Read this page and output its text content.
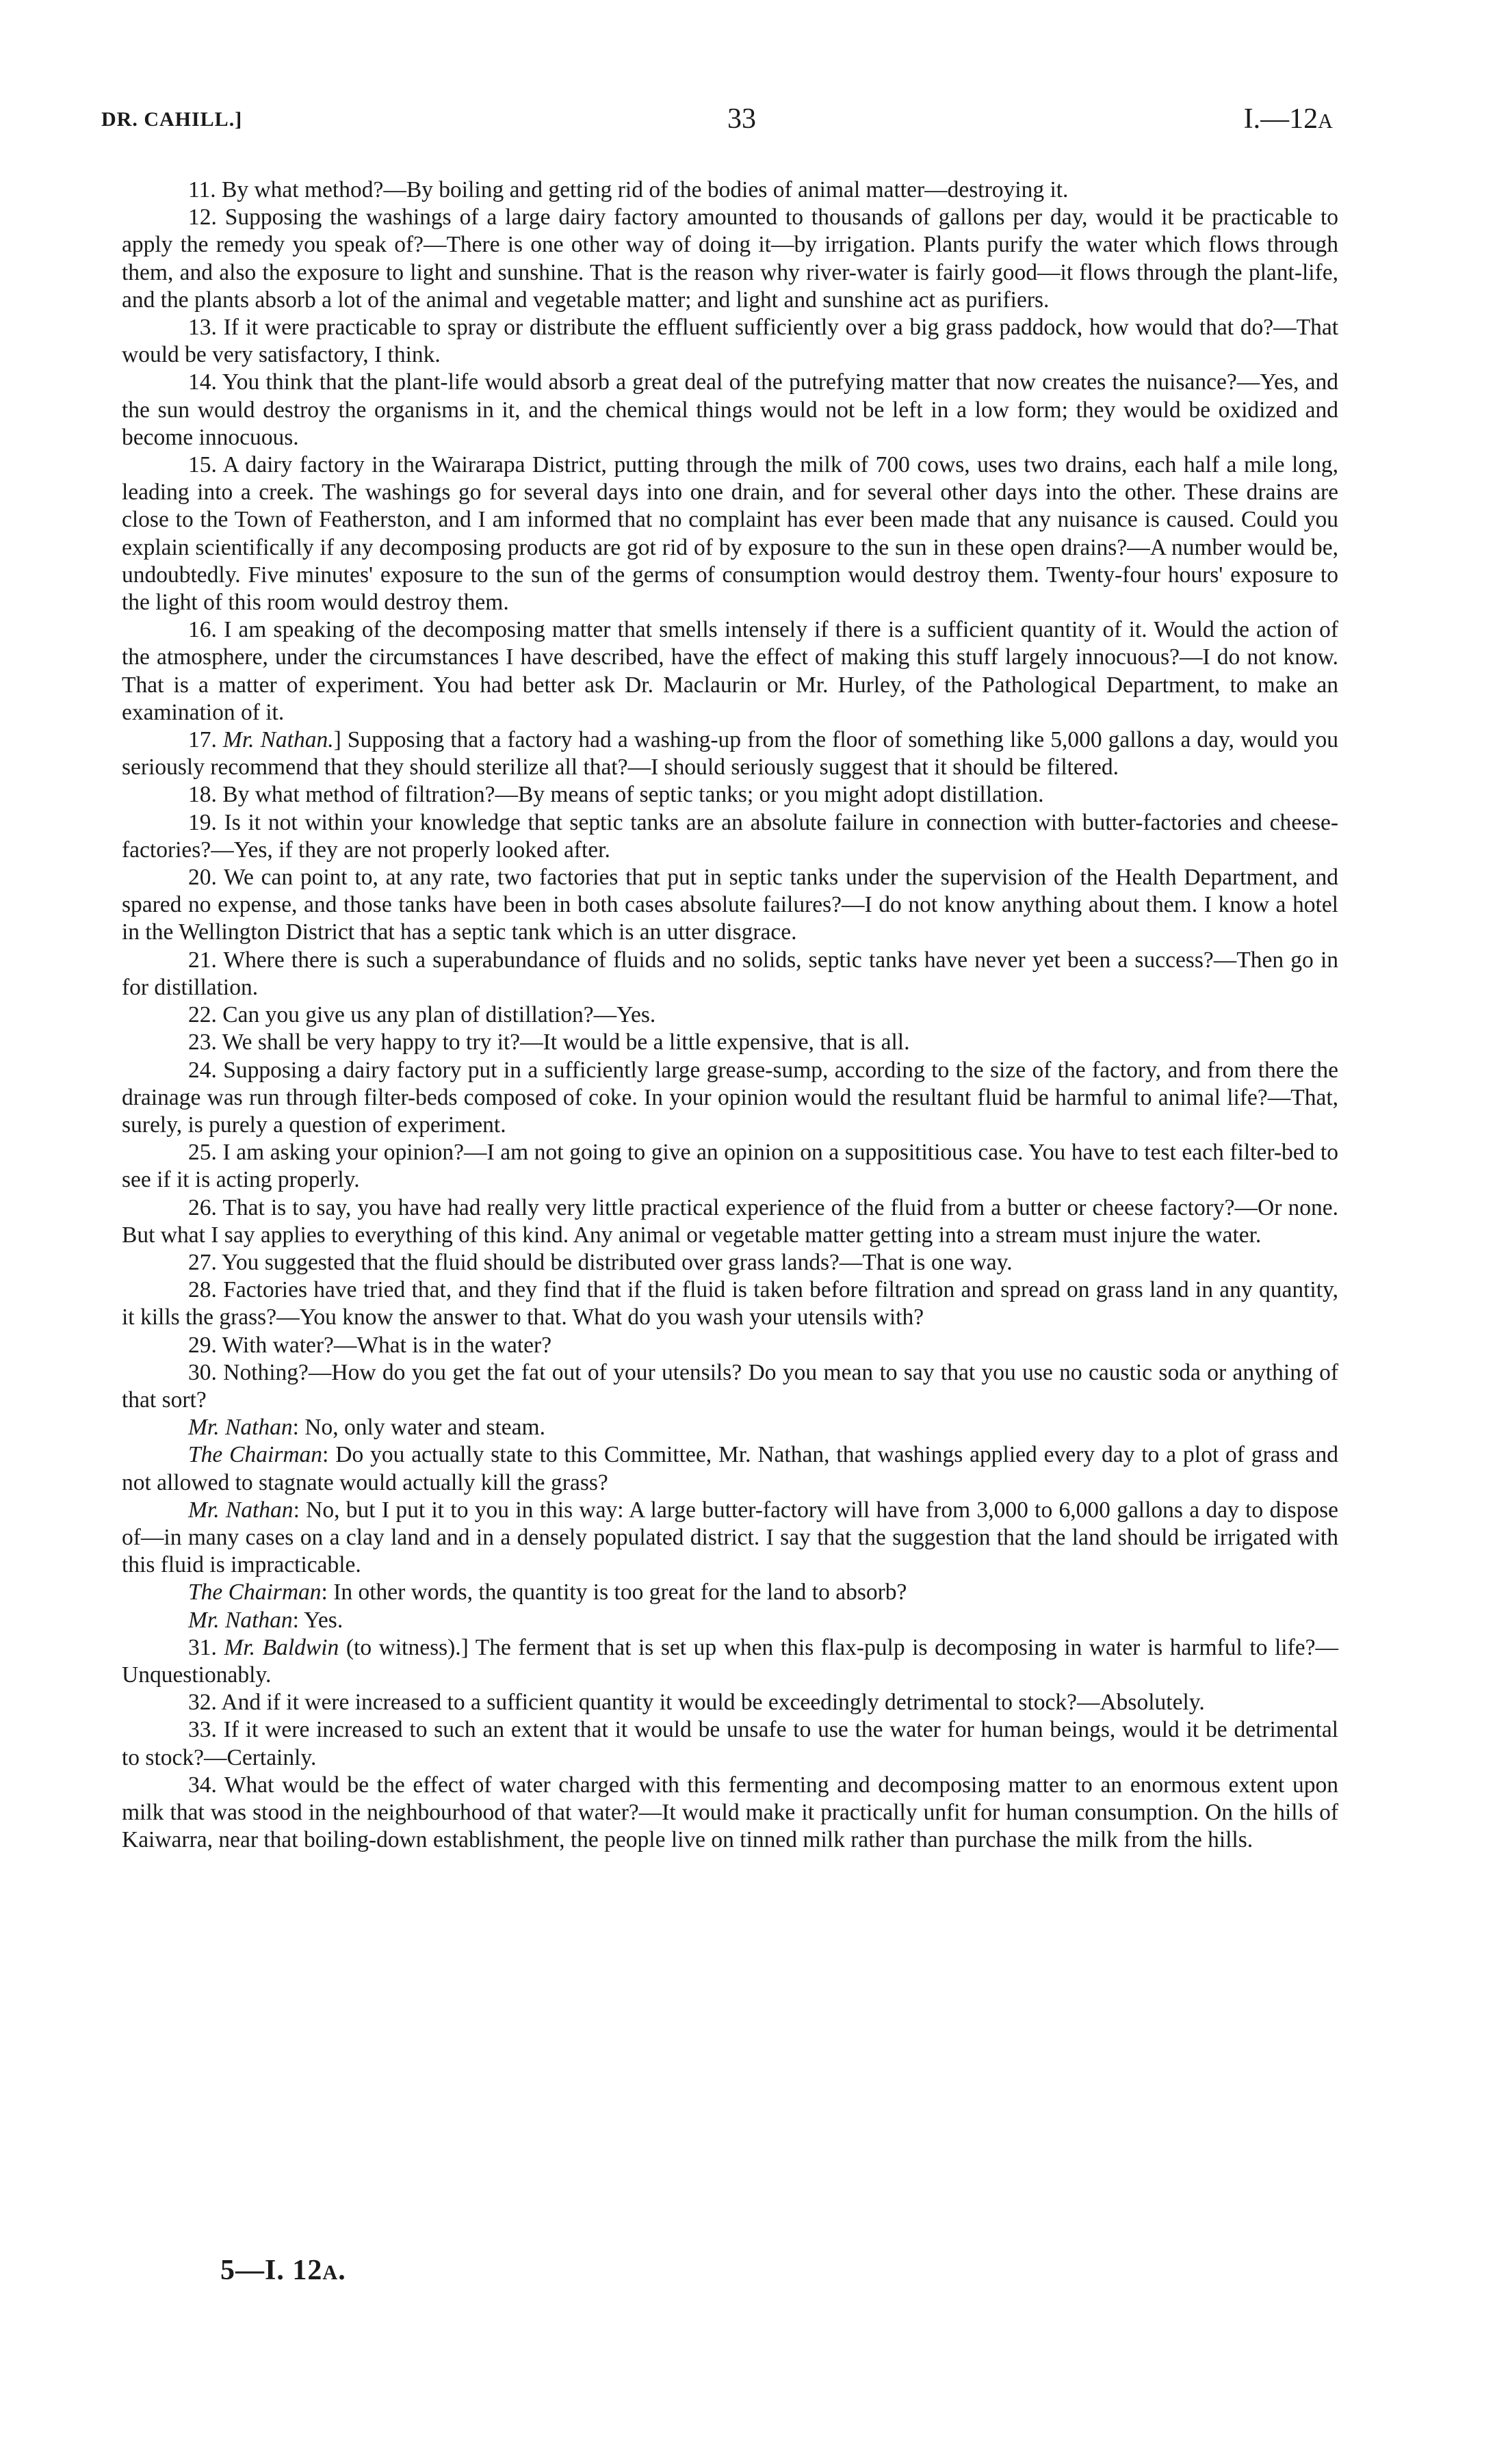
DR. CAHILL.]	33	I.—12A

11. By what method?—By boiling and getting rid of the bodies of animal matter—destroying it.

12. Supposing the washings of a large dairy factory amounted to thousands of gallons per day, would it be practicable to apply the remedy you speak of?—There is one other way of doing it—by irrigation. Plants purify the water which flows through them, and also the exposure to light and sunshine. That is the reason why river-water is fairly good—it flows through the plant-life, and the plants absorb a lot of the animal and vegetable matter; and light and sunshine act as purifiers.

13. If it were practicable to spray or distribute the effluent sufficiently over a big grass paddock, how would that do?—That would be very satisfactory, I think.

14. You think that the plant-life would absorb a great deal of the putrefying matter that now creates the nuisance?—Yes, and the sun would destroy the organisms in it, and the chemical things would not be left in a low form; they would be oxidized and become innocuous.

15. A dairy factory in the Wairarapa District, putting through the milk of 700 cows, uses two drains, each half a mile long, leading into a creek. The washings go for several days into one drain, and for several other days into the other. These drains are close to the Town of Featherston, and I am informed that no complaint has ever been made that any nuisance is caused. Could you explain scientifically if any decomposing products are got rid of by exposure to the sun in these open drains?—A number would be, undoubtedly. Five minutes' exposure to the sun of the germs of consumption would destroy them. Twenty-four hours' exposure to the light of this room would destroy them.

16. I am speaking of the decomposing matter that smells intensely if there is a sufficient quantity of it. Would the action of the atmosphere, under the circumstances I have described, have the effect of making this stuff largely innocuous?—I do not know. That is a matter of experiment. You had better ask Dr. Maclaurin or Mr. Hurley, of the Pathological Department, to make an examination of it.

17. Mr. Nathan.] Supposing that a factory had a washing-up from the floor of something like 5,000 gallons a day, would you seriously recommend that they should sterilize all that?—I should seriously suggest that it should be filtered.

18. By what method of filtration?—By means of septic tanks; or you might adopt distillation.

19. Is it not within your knowledge that septic tanks are an absolute failure in connection with butter-factories and cheese-factories?—Yes, if they are not properly looked after.

20. We can point to, at any rate, two factories that put in septic tanks under the supervision of the Health Department, and spared no expense, and those tanks have been in both cases absolute failures?—I do not know anything about them. I know a hotel in the Wellington District that has a septic tank which is an utter disgrace.

21. Where there is such a superabundance of fluids and no solids, septic tanks have never yet been a success?—Then go in for distillation.

22. Can you give us any plan of distillation?—Yes.

23. We shall be very happy to try it?—It would be a little expensive, that is all.

24. Supposing a dairy factory put in a sufficiently large grease-sump, according to the size of the factory, and from there the drainage was run through filter-beds composed of coke. In your opinion would the resultant fluid be harmful to animal life?—That, surely, is purely a question of experiment.

25. I am asking your opinion?—I am not going to give an opinion on a supposititious case. You have to test each filter-bed to see if it is acting properly.

26. That is to say, you have had really very little practical experience of the fluid from a butter or cheese factory?—Or none. But what I say applies to everything of this kind. Any animal or vegetable matter getting into a stream must injure the water.

27. You suggested that the fluid should be distributed over grass lands?—That is one way.

28. Factories have tried that, and they find that if the fluid is taken before filtration and spread on grass land in any quantity, it kills the grass?—You know the answer to that. What do you wash your utensils with?

29. With water?—What is in the water?

30. Nothing?—How do you get the fat out of your utensils? Do you mean to say that you use no caustic soda or anything of that sort?

Mr. Nathan: No, only water and steam.

The Chairman: Do you actually state to this Committee, Mr. Nathan, that washings applied every day to a plot of grass and not allowed to stagnate would actually kill the grass?

Mr. Nathan: No, but I put it to you in this way: A large butter-factory will have from 3,000 to 6,000 gallons a day to dispose of—in many cases on a clay land and in a densely populated district. I say that the suggestion that the land should be irrigated with this fluid is impracticable.

The Chairman: In other words, the quantity is too great for the land to absorb?

Mr. Nathan: Yes.

31. Mr. Baldwin (to witness).] The ferment that is set up when this flax-pulp is decomposing in water is harmful to life?—Unquestionably.

32. And if it were increased to a sufficient quantity it would be exceedingly detrimental to stock?—Absolutely.

33. If it were increased to such an extent that it would be unsafe to use the water for human beings, would it be detrimental to stock?—Certainly.

34. What would be the effect of water charged with this fermenting and decomposing matter to an enormous extent upon milk that was stood in the neighbourhood of that water?—It would make it practically unfit for human consumption. On the hills of Kaiwarra, near that boiling-down establishment, the people live on tinned milk rather than purchase the milk from the hills.

5—I. 12A.
